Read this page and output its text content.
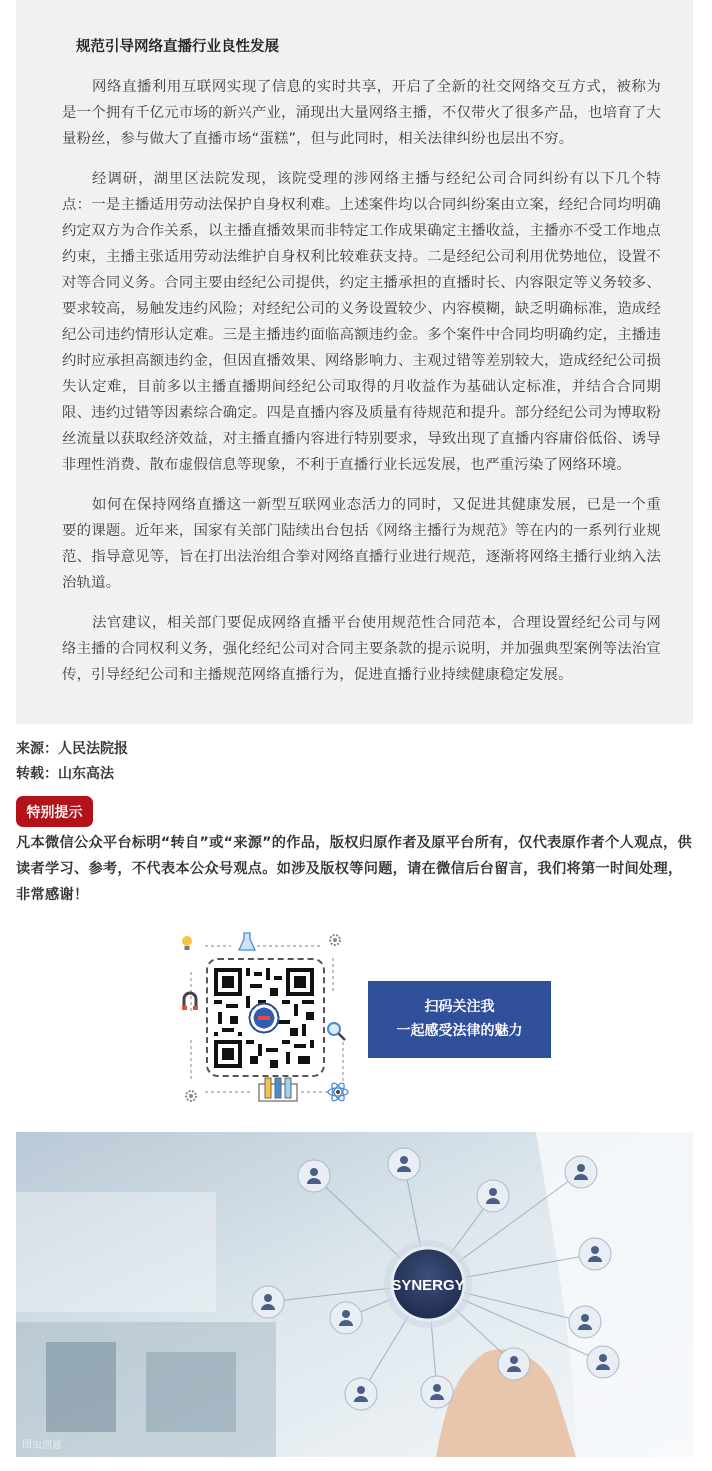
规范引导网络直播行业良性发展

网络直播利用互联网实现了信息的实时共享，开启了全新的社交网络交互方式，被称为是一个拥有千亿元市场的新兴产业，涌现出大量网络主播，不仅带火了很多产品，也培育了大量粉丝，参与做大了直播市场“蛋糕”，但与此同时，相关法律纠纷也层出不穷。

经调研，湖里区法院发现，该院受理的涉网络主播与经纪公司合同纠纷有以下几个特点：一是主播适用劳动法保护自身权利难。上述案件均以合同纠纷案由立案，经纪合同均明确约定双方为合作关系，以主播直播效果而非特定工作成果确定主播收益，主播亦不受工作地点约束，主播主张适用劳动法维护自身权利比较难获支持。二是经纪公司利用优势地位，设置不对等合同义务。合同主要由经纪公司提供，约定主播承担的直播时长、内容限定等义务较多、要求较高，易触发违约风险；对经纪公司的义务设置较少、内容模糊，缺乏明确标准，造成经纪公司违约情形认定难。三是主播违约面临高额违约金。多个案件中合同均明确约定，主播违约时应承担高额违约金，但因直播效果、网络影响力、主观过错等差别较大，造成经纪公司损失认定难，目前多以主播直播期间经纪公司取得的月收益作为基础认定标准，并结合合同期限、违约过错等因素综合确定。四是直播内容及质量有待规范和提升。部分经纪公司为博取粉丝流量以获取经济效益，对主播直播内容进行特别要求，导致出现了直播内容庸俗低俗、诱导非理性消费、散布虚假信息等现象，不利于直播行业长远发展，也严重污染了网络环境。

如何在保持网络直播这一新型互联网业态活力的同时，又促进其健康发展，已是一个重要的课题。近年来，国家有关部门陆续出台包括《网络主播行为规范》等在内的一系列行业规范、指导意见等，旨在打出法治组合拳对网络直播行业进行规范，逐渐将网络主播行业纳入法治轨道。

法官建议，相关部门要促成网络直播平台使用规范性合同范本，合理设置经纪公司与网络主播的合同权利义务，强化经纪公司对合同主要条款的提示说明，并加强典型案例等法治宣传，引导经纪公司和主播规范网络直播行为，促进直播行业持续健康稳定发展。

来源：人民法院报
转载：山东高法
特别提示

凡本微信公众平台标明“转自”或“来源”的作品，版权归原作者及原平台所有，仅代表原作者个人观点，供读者学习、参考，不代表本公众号观点。如涉及版权等问题，请在微信后台留言，我们将第一时间处理，非常感谢！

扫码关注我
一起感受法律的魅力
SYNERGY
图虫创意
